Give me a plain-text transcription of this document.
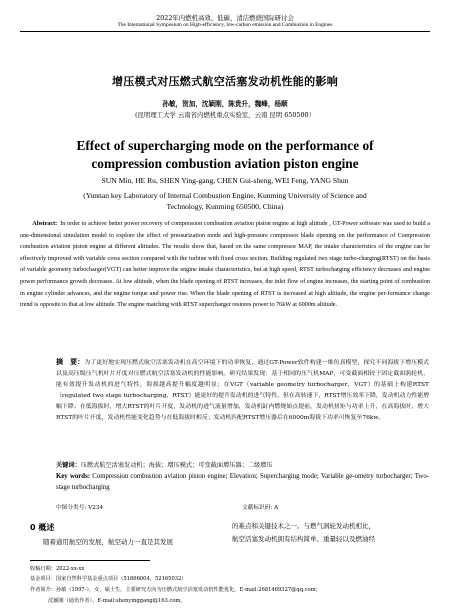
2022年内燃机高效、低碳、清洁燃烧国际研讨会
The International Symposium on High-efficiency, low-carbon emission and Combustion in Engines
增压模式对压燃式航空活塞发动机性能的影响
孙敏，贺加，沈颖刚，陈贵升，魏峰，杨顺
(昆明理工大学 云南省内燃机重点实验室，云南 昆明 650500）
Effect of supercharging mode on the performance of
compression combustion aviation piston engine
SUN Min, HE Ru, SHEN Ying-gang, CHEN Gui-sheng, WEI Feng, YANG Shun
(Yunnan key Laboratory of Internal Combustion Engine, Kunming University of Science and
Technology, Kunming 650500, China)
  Abstract:  In order to achieve better power recovery of compression combustion aviation piston engine at high altitude , GT-Power software was used to build a one-dimensional simulation model to explore the effect of pressurization mode and high-pressure compressor blade opening on the performance of Compression combustion aviation piston engine at different altitudes. The results show that, based on the same compressor MAP, the intake characteristics of the engine can be effectively improved with variable cross section compared with the turbine with fixed cross section. Building regulated two stage turbo-charging(RTST) on the basis of variable geometry turbocharger(VGT) can better improve the engine intake characteristics, but at high speed, RTST turbocharging efficiency decreases and engine power performance growth decreases. At low altitude, when the blade opening of RTST increases, the inlet flow of engine increases, the starting point of combustion in engine cylinder advances, and the engine torque and power rise. When the blade opening of RTST is increased at high altitude, the engine per-formance change trend is opposite to that at low altitude. The engine matching with RTST supercharger restores power to 76kW at 6000m altitude.
摘　要：为了更好地实现压燃式航空活塞发动机在高空环境下的功率恢复，通过GT-Power软件构建一维仿真模型，探究不同海拔下增压模式以及高压级压气机叶片开度对压燃式航空活塞发动机的性能影响。研究结果发现：基于相同的压气机MAP，可变截面相较于固定截面涡轮机，能有效提升发动机的进气特性，海拔越高提升幅度越明显；在VGT（variable geometry turbocharger，VGT）的基础上构建RTST（regulated two stage turbocharging，RTST）能更好的提升发动机的进气特性，但在高转速下，RTST增压效率下降，发动机动力性能增幅下降；在低海拔时，增大RTST的叶片开度，发动机的进气流量增加，发动机缸内燃烧始点提前，发动机扭矩与功率上升，在高海拔时，增大RTST的叶片开度，发动机性能变化趋势与在低海拔时相反；发动机匹配RTST增压器后在6000m海拔下功率可恢复至76kw。
关键词：压燃式航空活塞发动机；海拔；增压模式；可变截面增压器；二级增压
Key words: Compression combustion aviation piston engine; Elevation; Supercharging mode; Variable ge-ometry turbocharger; Two-stage turbocharging
中图分类号: V234	文献标识码: A
0 概述
随着通用航空的发展，航空动力一直是其发展
的难点和关键技术之一。与燃气涡轮发动机相比，
航空活塞发动机拥有结构简单、重量轻以及燃油经
收稿日期：2022-xx-xx
基金项目：国家自然科学基金重点项目（51866004，52165032）
作者简介：孙敏（1997-），女，硕士生，主要研究方向为压燃式航空活塞发动机性能优化，E-mail:2681469327@qq.com;
沈颖刚（通讯作者），E-mail:shenyinggang@163.com。
